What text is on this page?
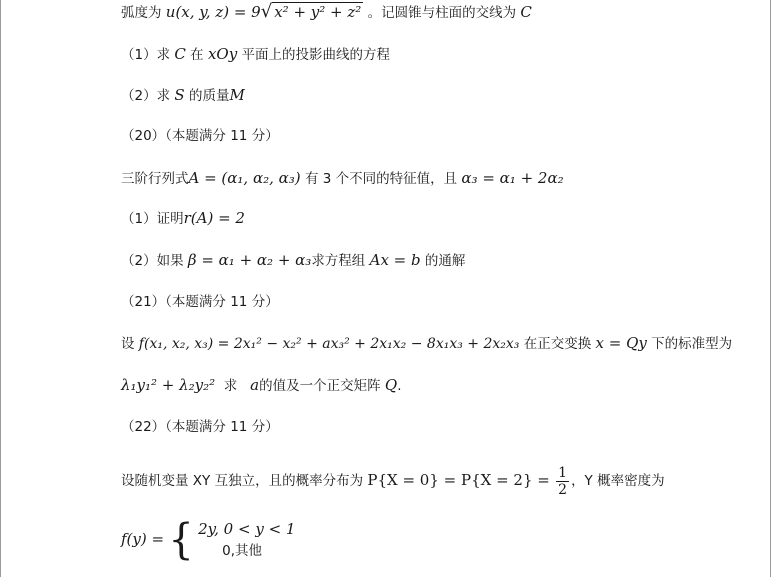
弧度为 u(x, y, z) = 9√ x² + y² + z² 。记圆锥与柱面的交线为 C
（1）求 C 在 xOy 平面上的投影曲线的方程
（2）求 S 的质量M
（20）（本题满分 11 分）
三阶行列式A = (α₁, α₂, α₃) 有 3 个不同的特征值，且 α₃ = α₁ + 2α₂
（1）证明r(A) = 2
（2）如果 β = α₁ + α₂ + α₃求方程组 Ax = b 的通解
（21）（本题满分 11 分）
设 f(x₁, x₂, x₃) = 2x₁² − x₂² + ax₃² + 2x₁x₂ − 8x₁x₃ + 2x₂x₃ 在正交变换 x = Qy 下的标准型为
λ₁y₁² + λ₂y₂² 求 a的值及一个正交矩阵 Q.
（22）（本题满分 11 分）
设随机变量 XY 互独立，且的概率分布为 $P\{X = 0\} = P\{X = 2\} = \frac{1}{2}$ ，Y 概率密度为
f(y) = { 2y, 0 < y < 1
0,其他
